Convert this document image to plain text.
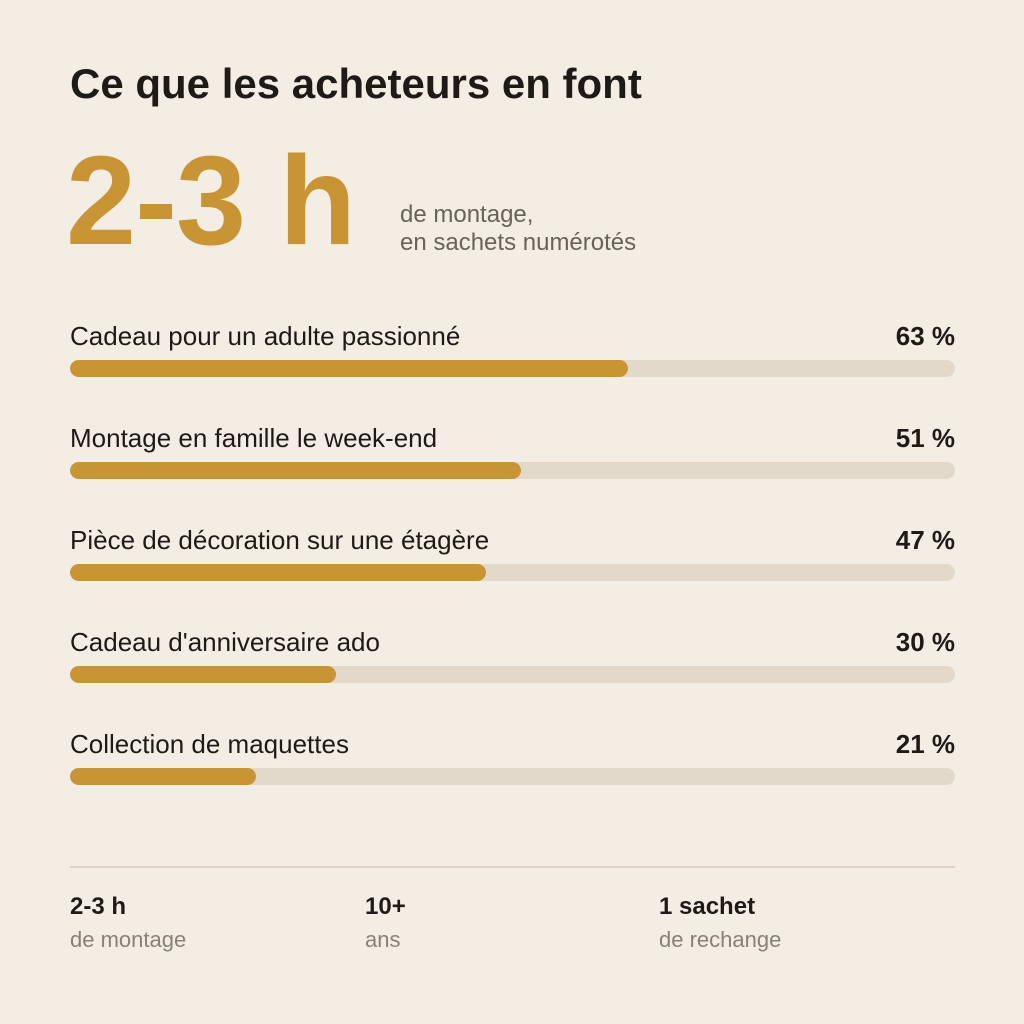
Ce que les acheteurs en font
2-3 h de montage,
en sachets numérotés
Cadeau pour un adulte passionné	63 %
Montage en famille le week-end	51 %
Pièce de décoration sur une étagère	47 %
Cadeau d'anniversaire ado	30 %
Collection de maquettes	21 %
2-3 h
de montage
10+
ans
1 sachet
de rechange
